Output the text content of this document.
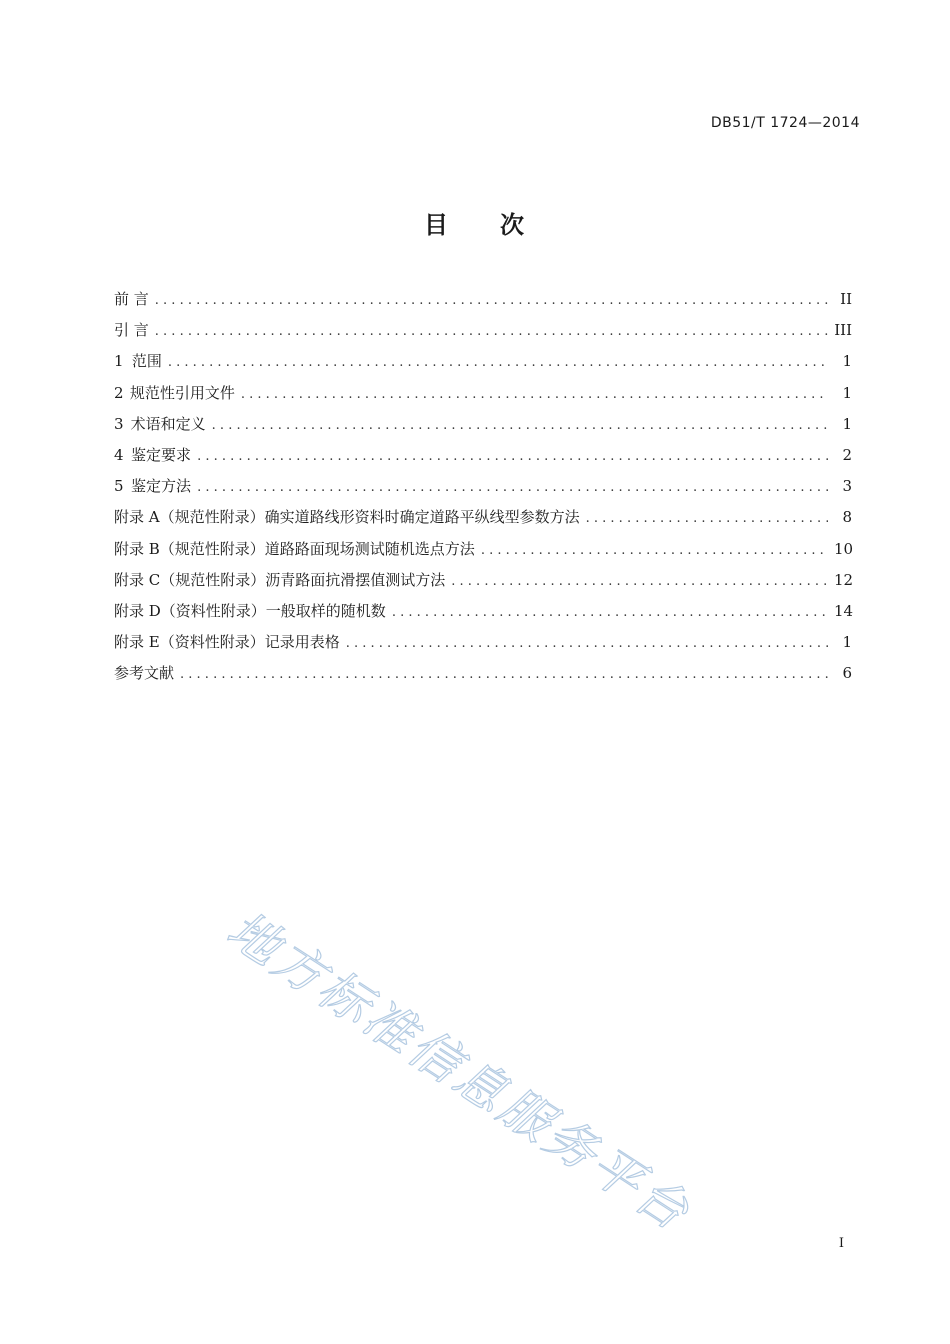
DB51/T 1724—2014
目 次
前 言 . . .	II
引 言 . . .	III
1 范围 . . .	1
2 规范性引用文件 . . .	1
3 术语和定义 . . .	1
4 鉴定要求 . . .	2
5 鉴定方法 . . .	3
附录 A（规范性附录） 确实道路线形资料时确定道路平纵线型参数方法 . . .	8
附录 B（规范性附录） 道路路面现场测试随机选点方法 . . .	10
附录 C（规范性附录） 沥青路面抗滑摆值测试方法 . . .	12
附录 D（资料性附录） 一般取样的随机数 . . .	14
附录 E（资料性附录） 记录用表格 . . .	1
参考文献 . . .	6
地方标准信息服务平台
I
